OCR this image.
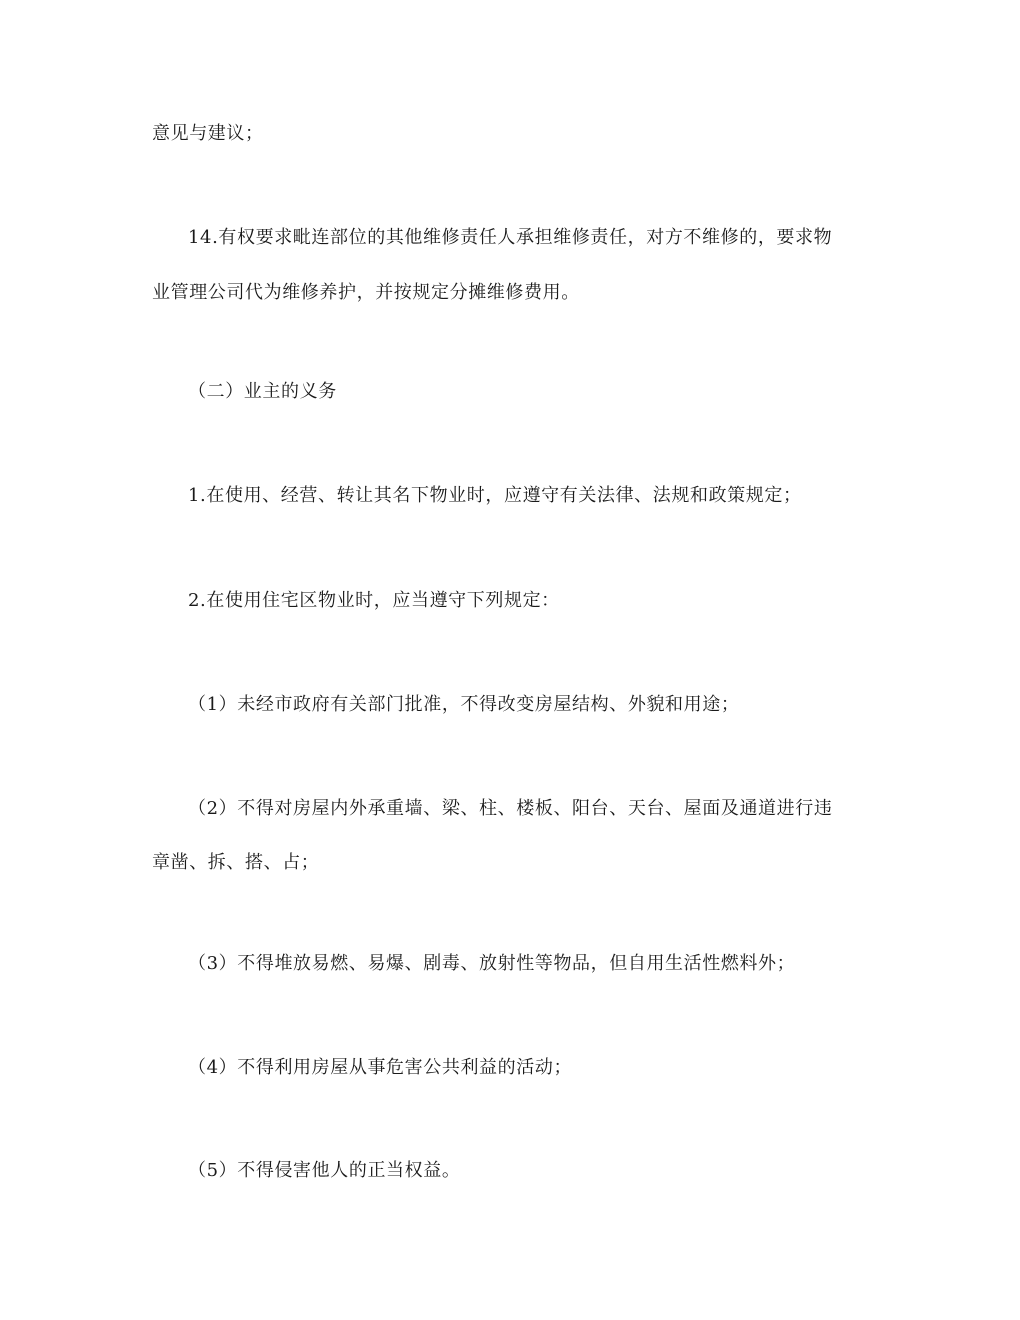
意见与建议；
14.有权要求毗连部位的其他维修责任人承担维修责任，对方不维修的，要求物
业管理公司代为维修养护，并按规定分摊维修费用。
（二）业主的义务
1.在使用、经营、转让其名下物业时，应遵守有关法律、法规和政策规定；
2.在使用住宅区物业时，应当遵守下列规定：
（1）未经市政府有关部门批准，不得改变房屋结构、外貌和用途；
（2）不得对房屋内外承重墙、梁、柱、楼板、阳台、天台、屋面及通道进行违
章凿、拆、搭、占；
（3）不得堆放易燃、易爆、剧毒、放射性等物品，但自用生活性燃料外；
（4）不得利用房屋从事危害公共利益的活动；
（5）不得侵害他人的正当权益。
